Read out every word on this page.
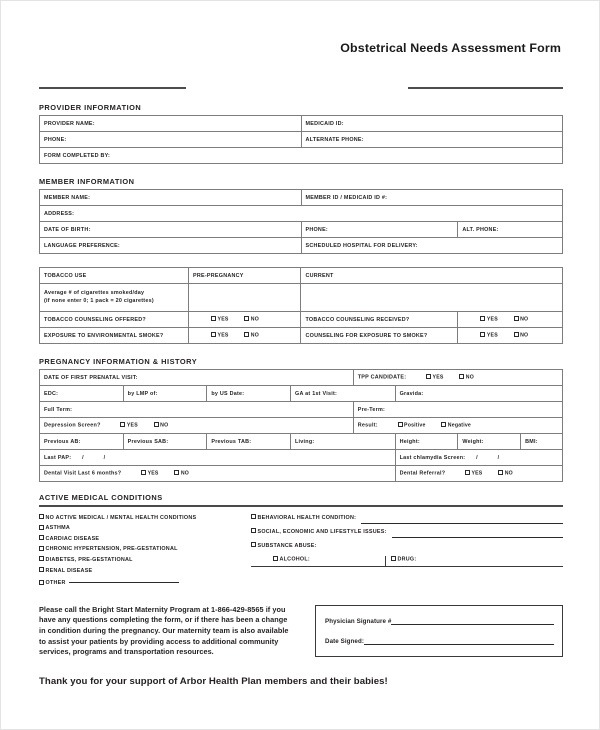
Obstetrical Needs Assessment Form
PROVIDER INFORMATION
PROVIDER NAME:	MEDICAID ID:
PHONE:	ALTERNATE PHONE:
FORM COMPLETED BY:	
MEMBER INFORMATION
MEMBER NAME:	MEMBER ID / MEDICAID ID #:	
ADDRESS:		
DATE OF BIRTH:	PHONE:	ALT. PHONE:
LANGUAGE PREFERENCE:	SCHEDULED HOSPITAL FOR DELIVERY:	
TOBACCO USE	PRE-PREGNANCY	CURRENT	
Average # of cigarettes smoked/day
(if none enter 0; 1 pack = 20 cigarettes)			
TOBACCO COUNSELING OFFERED?	YES NO	TOBACCO COUNSELING RECEIVED?	YES NO
EXPOSURE TO ENVIRONMENTAL SMOKE?	YES NO	COUNSELING FOR EXPOSURE TO SMOKE?	YES NO
PREGNANCY INFORMATION & HISTORY
DATE OF FIRST PRENATAL VISIT:				TPP CANDIDATE: YES NO			
EDC:	by LMP of:	by US Date:	GA at 1st Visit:		Gravida:		
Full Term:				Pre-Term:			
Depression Screen? YES NO				Result: Positive Negative			
Previous AB:	Previous SAB:	Previous TAB:	Living:		Height:	Weight:	BMI:
Last PAP: / /					Last chlamydia Screen: / /		
Dental Visit Last 6 months? YES NO					Dental Referral? YES NO		
ACTIVE MEDICAL CONDITIONS
NO ACTIVE MEDICAL / MENTAL HEALTH CONDITIONS
ASTHMA
CARDIAC DISEASE
CHRONIC HYPERTENSION, PRE-GESTATIONAL
DIABETES, PRE-GESTATIONAL
RENAL DISEASE
OTHER
BEHAVIORAL HEALTH CONDITION:
SOCIAL, ECONOMIC AND LIFESTYLE ISSUES:
SUBSTANCE ABUSE:
ALCOHOL:	DRUG:
Please call the Bright Start Maternity Program at 1-866-429-8565 if you have any questions completing the form, or if there has been a change in condition during the pregnancy. Our maternity team is also available to assist your patients by providing access to additional community services, programs and transportation resources.
Physician Signature #
Date Signed:
Thank you for your support of Arbor Health Plan members and their babies!
